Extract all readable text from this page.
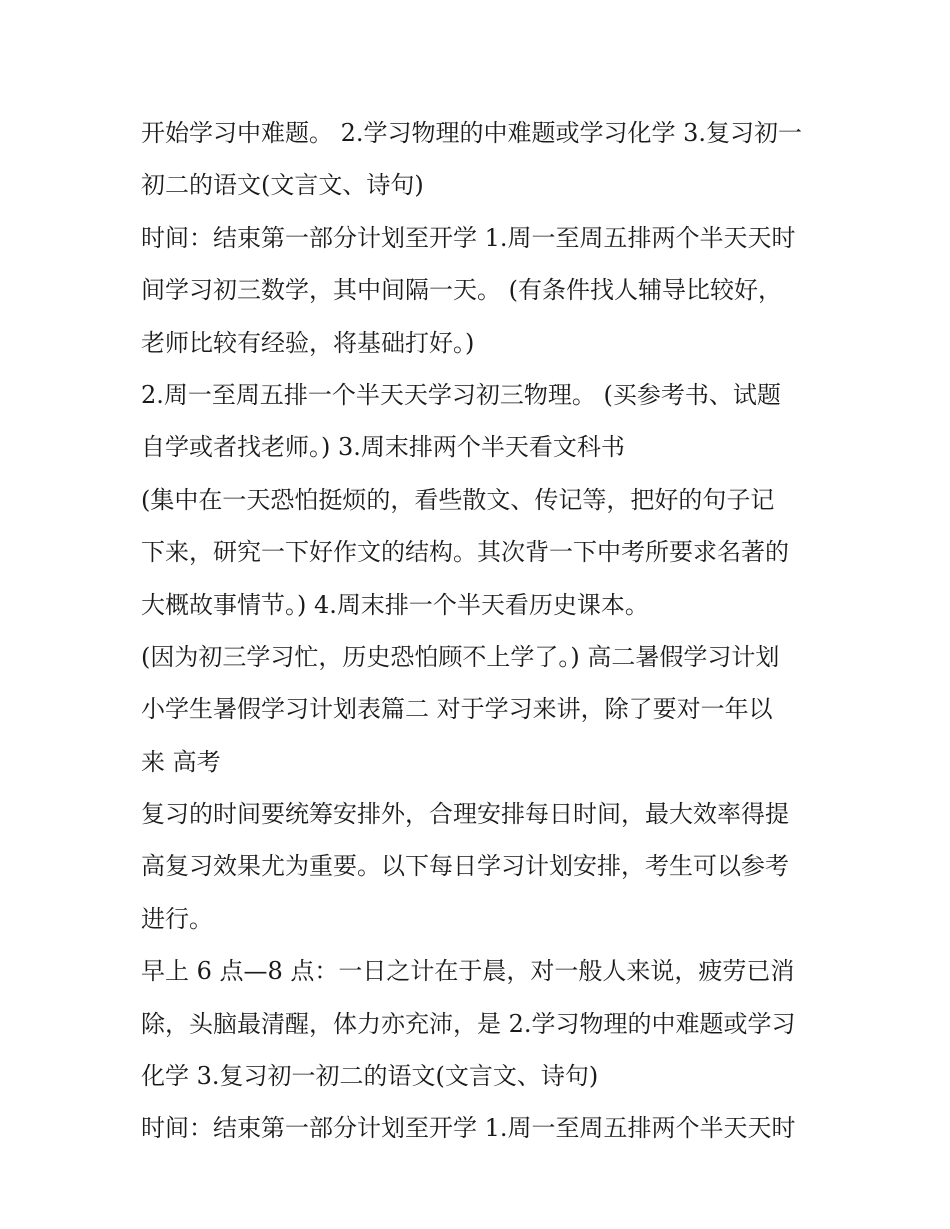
开始学习中难题。 2.学习物理的中难题或学习化学 3.复习初一
初二的语文(文言文、诗句)
时间：结束第一部分计划至开学 1.周一至周五排两个半天天时
间学习初三数学，其中间隔一天。 (有条件找人辅导比较好，
老师比较有经验，将基础打好。)
2.周一至周五排一个半天天学习初三物理。 (买参考书、试题
自学或者找老师。) 3.周末排两个半天看文科书
(集中在一天恐怕挺烦的，看些散文、传记等，把好的句子记
下来，研究一下好作文的结构。其次背一下中考所要求名著的
大概故事情节。) 4.周末排一个半天看历史课本。
(因为初三学习忙，历史恐怕顾不上学了。) 高二暑假学习计划
小学生暑假学习计划表篇二 对于学习来讲，除了要对一年以
来 高考
复习的时间要统筹安排外，合理安排每日时间，最大效率得提
高复习效果尤为重要。以下每日学习计划安排，考生可以参考
进行。
早上 6 点—8 点：一日之计在于晨，对一般人来说，疲劳已消
除，头脑最清醒，体力亦充沛，是 2.学习物理的中难题或学习
化学 3.复习初一初二的语文(文言文、诗句)
时间：结束第一部分计划至开学 1.周一至周五排两个半天天时
